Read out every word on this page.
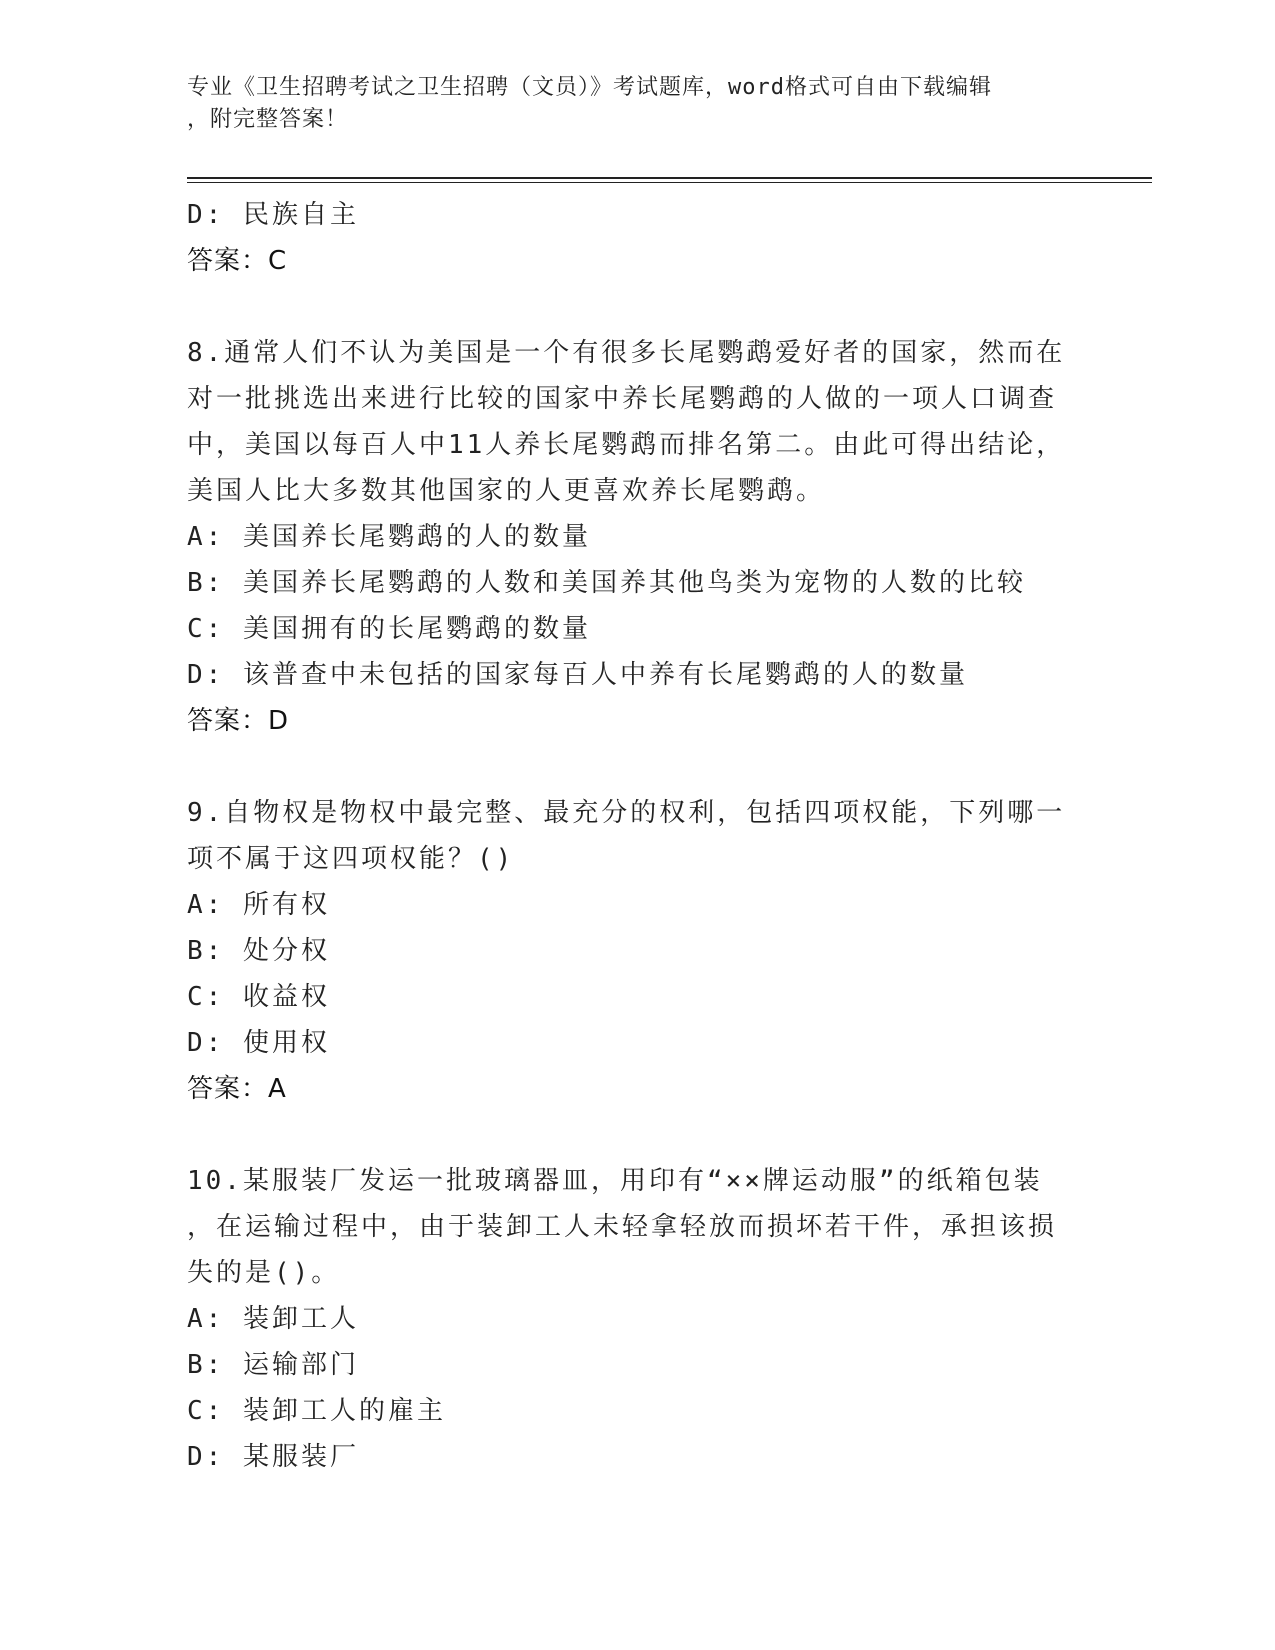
专业《卫生招聘考试之卫生招聘（文员）》考试题库，word格式可自由下载编辑
，附完整答案！
D: 民族自主
答案：C
8.通常人们不认为美国是一个有很多长尾鹦鹉爱好者的国家，然而在
对一批挑选出来进行比较的国家中养长尾鹦鹉的人做的一项人口调查
中，美国以每百人中11人养长尾鹦鹉而排名第二。由此可得出结论，
美国人比大多数其他国家的人更喜欢养长尾鹦鹉。
A: 美国养长尾鹦鹉的人的数量
B: 美国养长尾鹦鹉的人数和美国养其他鸟类为宠物的人数的比较
C: 美国拥有的长尾鹦鹉的数量
D: 该普查中未包括的国家每百人中养有长尾鹦鹉的人的数量
答案：D
9.自物权是物权中最完整、最充分的权利，包括四项权能，下列哪一
项不属于这四项权能？()
A: 所有权
B: 处分权
C: 收益权
D: 使用权
答案：A
10.某服装厂发运一批玻璃器皿，用印有“××牌运动服”的纸箱包装
，在运输过程中，由于装卸工人未轻拿轻放而损坏若干件，承担该损
失的是()。
A: 装卸工人
B: 运输部门
C: 装卸工人的雇主
D: 某服装厂
